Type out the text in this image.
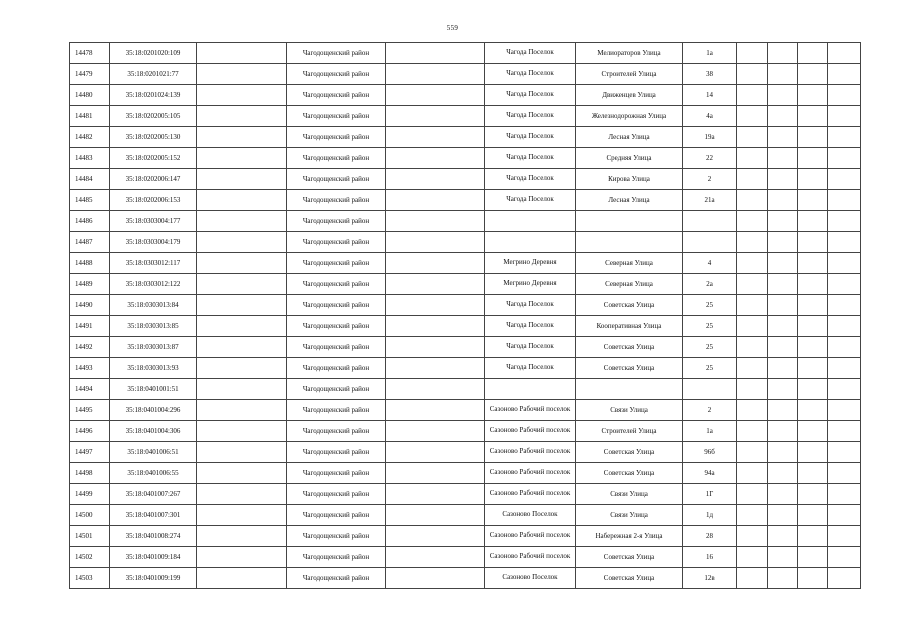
559
14478	35:18:0201020:109		Чагодощенский район		Чагода Поселок	Мелиораторов Улица	1а				
14479	35:18:0201021:77		Чагодощенский район		Чагода Поселок	Строителей Улица	38				
14480	35:18:0201024:139		Чагодощенский район		Чагода Поселок	Движенцев Улица	14				
14481	35:18:0202005:105		Чагодощенский район		Чагода Поселок	Железнодорожная Улица	4а				
14482	35:18:0202005:130		Чагодощенский район		Чагода Поселок	Лесная Улица	19а				
14483	35:18:0202005:152		Чагодощенский район		Чагода Поселок	Средняя Улица	22				
14484	35:18:0202006:147		Чагодощенский район		Чагода Поселок	Кирова Улица	2				
14485	35:18:0202006:153		Чагодощенский район		Чагода Поселок	Лесная Улица	21а				
14486	35:18:0303004:177		Чагодощенский район								
14487	35:18:0303004:179		Чагодощенский район								
14488	35:18:0303012:117		Чагодощенский район		Мегрино Деревня	Северная Улица	4				
14489	35:18:0303012:122		Чагодощенский район		Мегрино Деревня	Северная Улица	2а				
14490	35:18:0303013:84		Чагодощенский район		Чагода Поселок	Советская Улица	25				
14491	35:18:0303013:85		Чагодощенский район		Чагода Поселок	Кооперативная Улица	25				
14492	35:18:0303013:87		Чагодощенский район		Чагода Поселок	Советская Улица	25				
14493	35:18:0303013:93		Чагодощенский район		Чагода Поселок	Советская Улица	25				
14494	35:18:0401001:51		Чагодощенский район								
14495	35:18:0401004:296		Чагодощенский район		Сазоново Рабочий поселок	Связи Улица	2				
14496	35:18:0401004:306		Чагодощенский район		Сазоново Рабочий поселок	Строителей Улица	1а				
14497	35:18:0401006:51		Чагодощенский район		Сазоново Рабочий поселок	Советская Улица	96б				
14498	35:18:0401006:55		Чагодощенский район		Сазоново Рабочий поселок	Советская Улица	94а				
14499	35:18:0401007:267		Чагодощенский район		Сазоново Рабочий поселок	Связи Улица	1Г				
14500	35:18:0401007:301		Чагодощенский район		Сазоново Поселок	Связи Улица	1д				
14501	35:18:0401008:274		Чагодощенский район		Сазоново Рабочий поселок	Набережная 2-я Улица	28				
14502	35:18:0401009:184		Чагодощенский район		Сазоново Рабочий поселок	Советская Улица	16				
14503	35:18:0401009:199		Чагодощенский район		Сазоново Поселок	Советская Улица	12в				
